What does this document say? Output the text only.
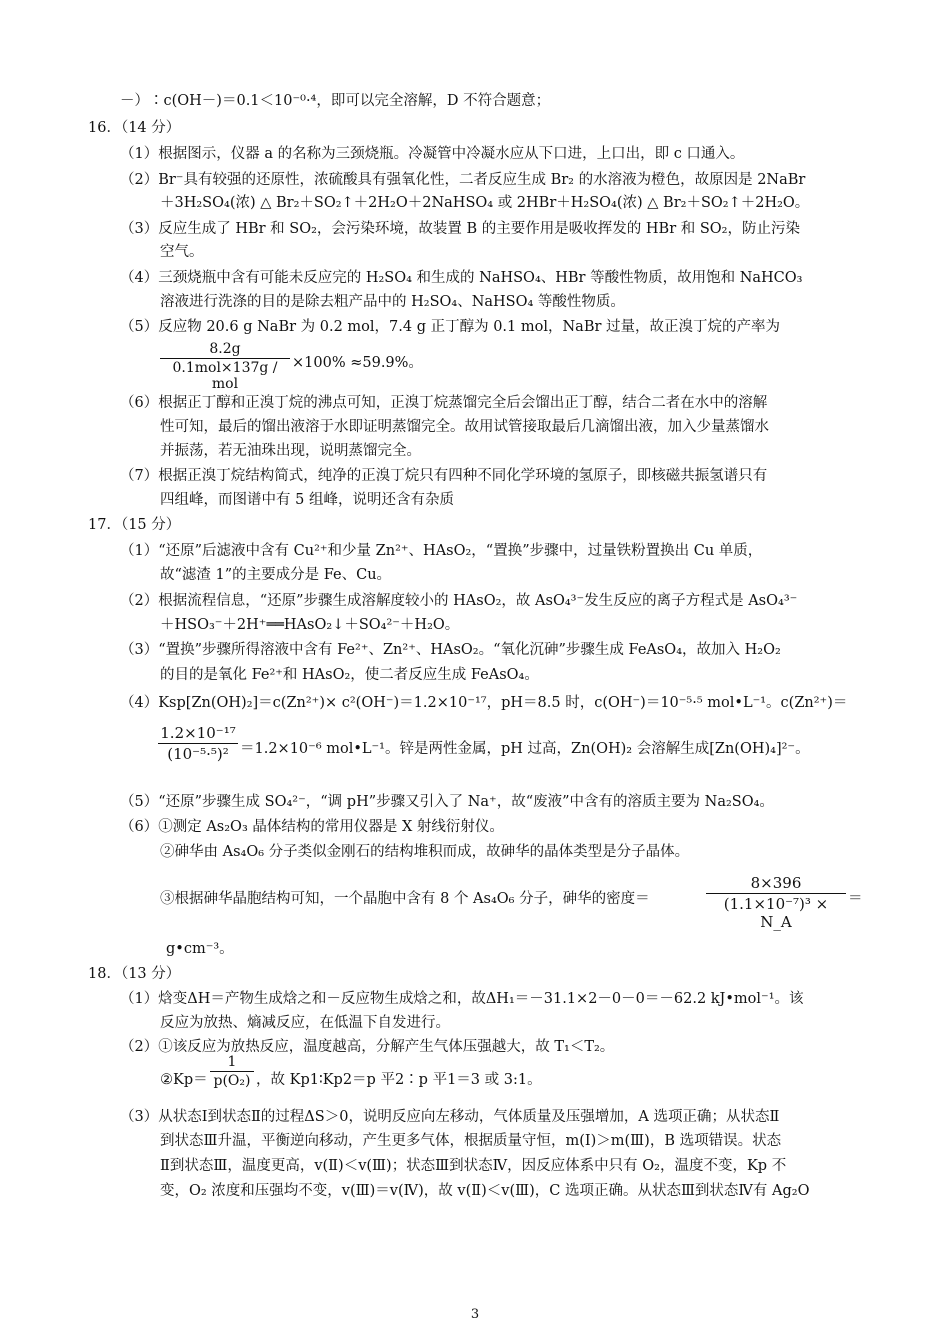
－）∶c(OH－)＝0.1＜10⁻⁰·⁴，即可以完全溶解，D 不符合题意；
16．（14 分）
（1）根据图示，仪器 a 的名称为三颈烧瓶。冷凝管中冷凝水应从下口进，上口出，即 c 口通入。
（2）Br⁻具有较强的还原性，浓硫酸具有强氧化性，二者反应生成 Br₂ 的水溶液为橙色，故原因是 2NaBr
＋3H₂SO₄(浓) △ Br₂＋SO₂↑＋2H₂O＋2NaHSO₄ 或 2HBr＋H₂SO₄(浓) △ Br₂＋SO₂↑＋2H₂O。
（3）反应生成了 HBr 和 SO₂，会污染环境，故装置 B 的主要作用是吸收挥发的 HBr 和 SO₂，防止污染
空气。
（4）三颈烧瓶中含有可能未反应完的 H₂SO₄ 和生成的 NaHSO₄、HBr 等酸性物质，故用饱和 NaHCO₃
溶液进行洗涤的目的是除去粗产品中的 H₂SO₄、NaHSO₄ 等酸性物质。
（5）反应物 20.6 g NaBr 为 0.2 mol，7.4 g 正丁醇为 0.1 mol，NaBr 过量，故正溴丁烷的产率为
8.2g
0.1mol×137g / mol
×100% ≈59.9%。
（6）根据正丁醇和正溴丁烷的沸点可知，正溴丁烷蒸馏完全后会馏出正丁醇，结合二者在水中的溶解
性可知，最后的馏出液溶于水即证明蒸馏完全。故用试管接取最后几滴馏出液，加入少量蒸馏水
并振荡，若无油珠出现，说明蒸馏完全。
（7）根据正溴丁烷结构简式，纯净的正溴丁烷只有四种不同化学环境的氢原子，即核磁共振氢谱只有
四组峰，而图谱中有 5 组峰，说明还含有杂质
17．（15 分）
（1）“还原”后滤液中含有 Cu²⁺和少量 Zn²⁺、HAsO₂，“置换”步骤中，过量铁粉置换出 Cu 单质，
故“滤渣 1”的主要成分是 Fe、Cu。
（2）根据流程信息，“还原”步骤生成溶解度较小的 HAsO₂，故 AsO₄³⁻发生反应的离子方程式是 AsO₄³⁻
＋HSO₃⁻＋2H⁺══HAsO₂↓＋SO₄²⁻＋H₂O。
（3）“置换”步骤所得溶液中含有 Fe²⁺、Zn²⁺、HAsO₂。“氧化沉砷”步骤生成 FeAsO₄，故加入 H₂O₂
的目的是氧化 Fe²⁺和 HAsO₂，使二者反应生成 FeAsO₄。
（4）Ksp[Zn(OH)₂]＝c(Zn²⁺)× c²(OH⁻)＝1.2×10⁻¹⁷，pH＝8.5 时，c(OH⁻)＝10⁻⁵·⁵ mol•L⁻¹。c(Zn²⁺)＝
1.2×10⁻¹⁷
(10⁻⁵·⁵)² ＝1.2×10⁻⁶ mol•L⁻¹。锌是两性金属，pH 过高，Zn(OH)₂ 会溶解生成[Zn(OH)₄]²⁻。
（5）“还原”步骤生成 SO₄²⁻，“调 pH”步骤又引入了 Na⁺，故“废液”中含有的溶质主要为 Na₂SO₄。
（6）①测定 As₂O₃ 晶体结构的常用仪器是 X 射线衍射仪。
②砷华由 As₄O₆ 分子类似金刚石的结构堆积而成，故砷华的晶体类型是分子晶体。
③根据砷华晶胞结构可知，一个晶胞中含有 8 个 As₄O₆ 分子，砷华的密度＝
8×396
(1.1×10⁻⁷)³ × N_A
＝
g•cm⁻³。
18．（13 分）
（1）焓变ΔH＝产物生成焓之和－反应物生成焓之和，故ΔH₁＝－31.1×2－0－0＝－62.2 kJ•mol⁻¹。该
反应为放热、熵减反应，在低温下自发进行。
（2）①该反应为放热反应，温度越高，分解产生气体压强越大，故 T₁＜T₂。
②Kp＝
1
p(O₂) ，故 Kp1∶Kp2＝p 平2∶p 平1＝3 或 3:1。
（3）从状态Ⅰ到状态Ⅱ的过程ΔS＞0，说明反应向左移动，气体质量及压强增加，A 选项正确；从状态Ⅱ
到状态Ⅲ升温，平衡逆向移动，产生更多气体，根据质量守恒，m(Ⅰ)＞m(Ⅲ)，B 选项错误。状态
Ⅱ到状态Ⅲ，温度更高，v(Ⅱ)＜v(Ⅲ)；状态Ⅲ到状态Ⅳ，因反应体系中只有 O₂，温度不变，Kp 不
变，O₂ 浓度和压强均不变，v(Ⅲ)＝v(Ⅳ)，故 v(Ⅱ)＜v(Ⅲ)，C 选项正确。从状态Ⅲ到状态Ⅳ有 Ag₂O
3
